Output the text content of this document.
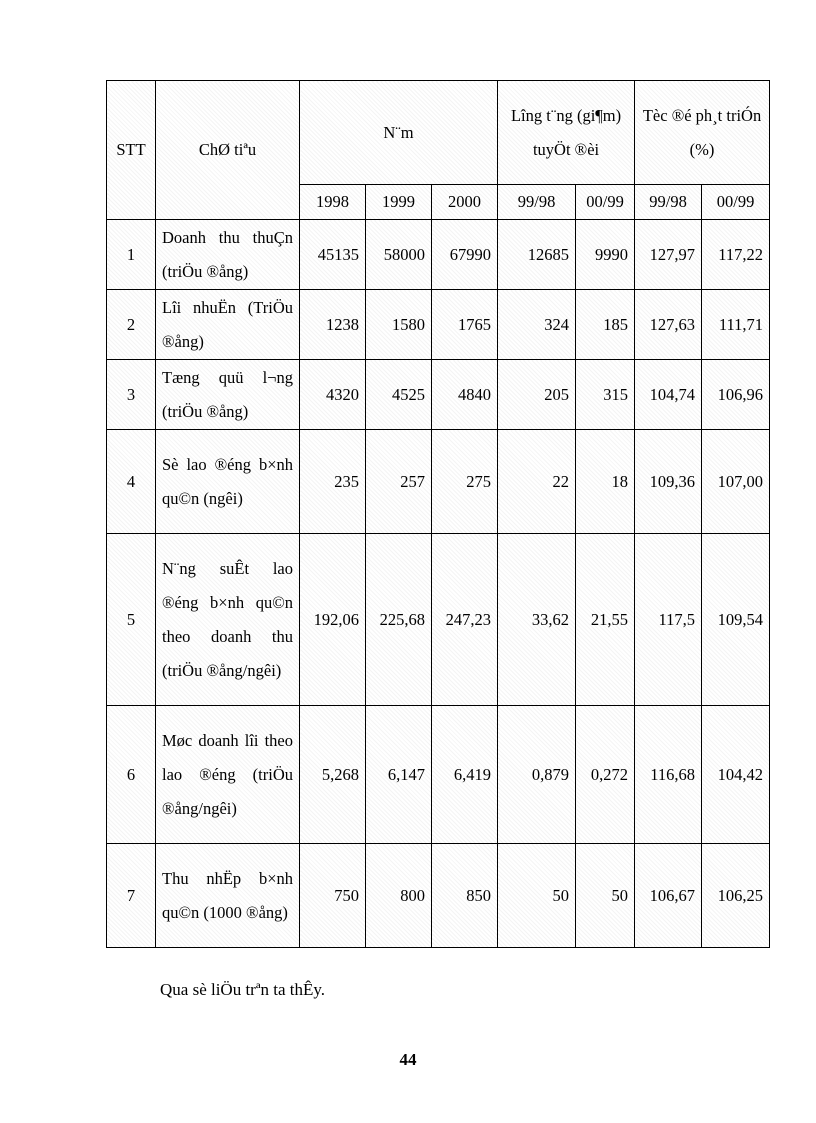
STT	ChØ tiªu	N¨m			Lîng t¨ng (gi¶m) tuyÖt ®èi		Tèc ®é ph¸t triÓn (%)	
		1998	1999	2000	99/98	00/99	99/98	00/99
1	Doanh thu thuÇn (triÖu ®ång)	45135	58000	67990	12685	9990	127,97	117,22
2	Lîi nhuËn (TriÖu ®ång)	1238	1580	1765	324	185	127,63	111,71
3	Tæng quü l¬ng (triÖu ®ång)	4320	4525	4840	205	315	104,74	106,96
4	Sè lao ®éng b×nh qu©n (ngêi)	235	257	275	22	18	109,36	107,00
5	N¨ng suÊt lao ®éng b×nh qu©n theo doanh thu (triÖu ®ång/ngêi)	192,06	225,68	247,23	33,62	21,55	117,5	109,54
6	Møc doanh lîi theo lao ®éng (triÖu ®ång/ngêi)	5,268	6,147	6,419	0,879	0,272	116,68	104,42
7	Thu nhËp b×nh qu©n (1000 ®ång)	750	800	850	50	50	106,67	106,25
Qua sè liÖu trªn ta thÊy.
44
